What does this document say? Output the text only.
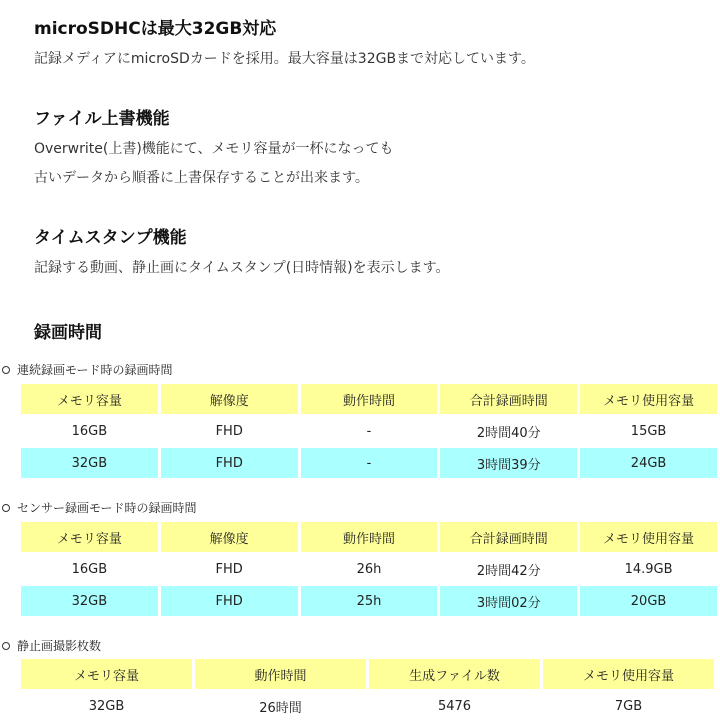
microSDHCは最大32GB対応

記録メディアにmicroSDカードを採用。最大容量は32GBまで対応しています。

ファイル上書機能

Overwrite(上書)機能にて、メモリ容量が一杯になっても
古いデータから順番に上書保存することが出来ます。

タイムスタンプ機能

記録する動画、静止画にタイムスタンプ(日時情報)を表示します。

録画時間
連続録画モード時の録画時間
メモリ容量	解像度	動作時間	合計録画時間	メモリ使用容量
16GB	FHD	-	2時間40分	15GB
32GB	FHD	-	3時間39分	24GB
センサー録画モード時の録画時間
メモリ容量	解像度	動作時間	合計録画時間	メモリ使用容量
16GB	FHD	26h	2時間42分	14.9GB
32GB	FHD	25h	3時間02分	20GB
静止画撮影枚数
メモリ容量	動作時間	生成ファイル数	メモリ使用容量
32GB	26時間	5476	7GB
